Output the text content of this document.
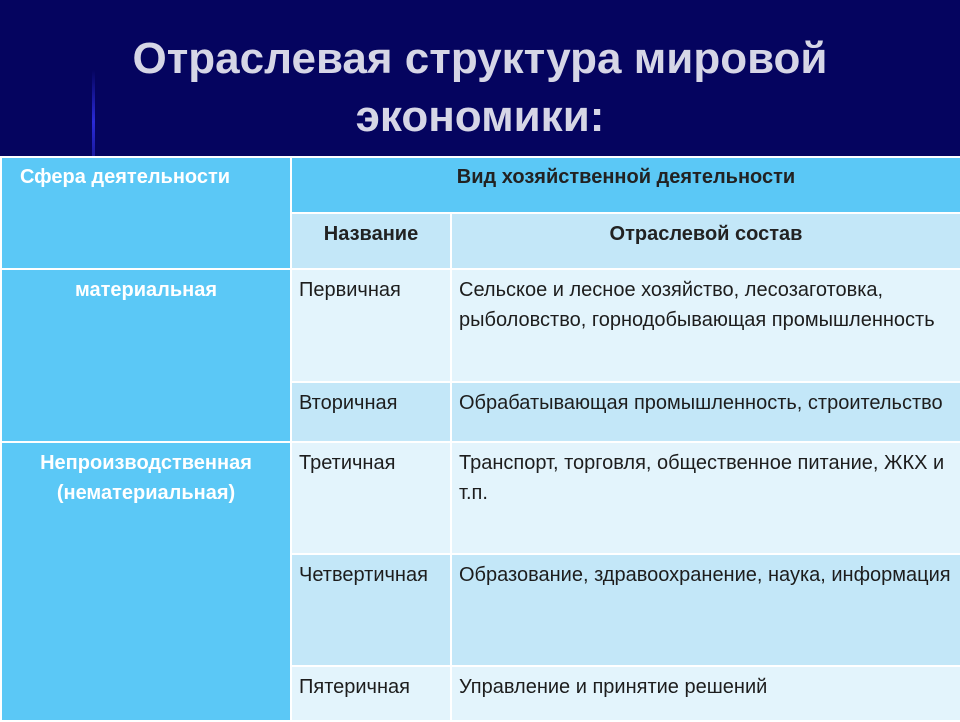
Отраслевая структура мировой
экономики:
Сфера деятельности	Вид хозяйственной деятельности	
	Название	Отраслевой состав
материальная	Первичная	Сельское и лесное хозяйство, лесозаготовка, рыболовство, горнодобывающая промышленность
	Вторичная	Обрабатывающая промышленность, строительство
Непроизводственная (нематериальная)	Третичная	Транспорт, торговля, общественное питание, ЖКХ и т.п.
	Четвертичная	Образование, здравоохранение, наука, информация
	Пятеричная	Управление и принятие решений
